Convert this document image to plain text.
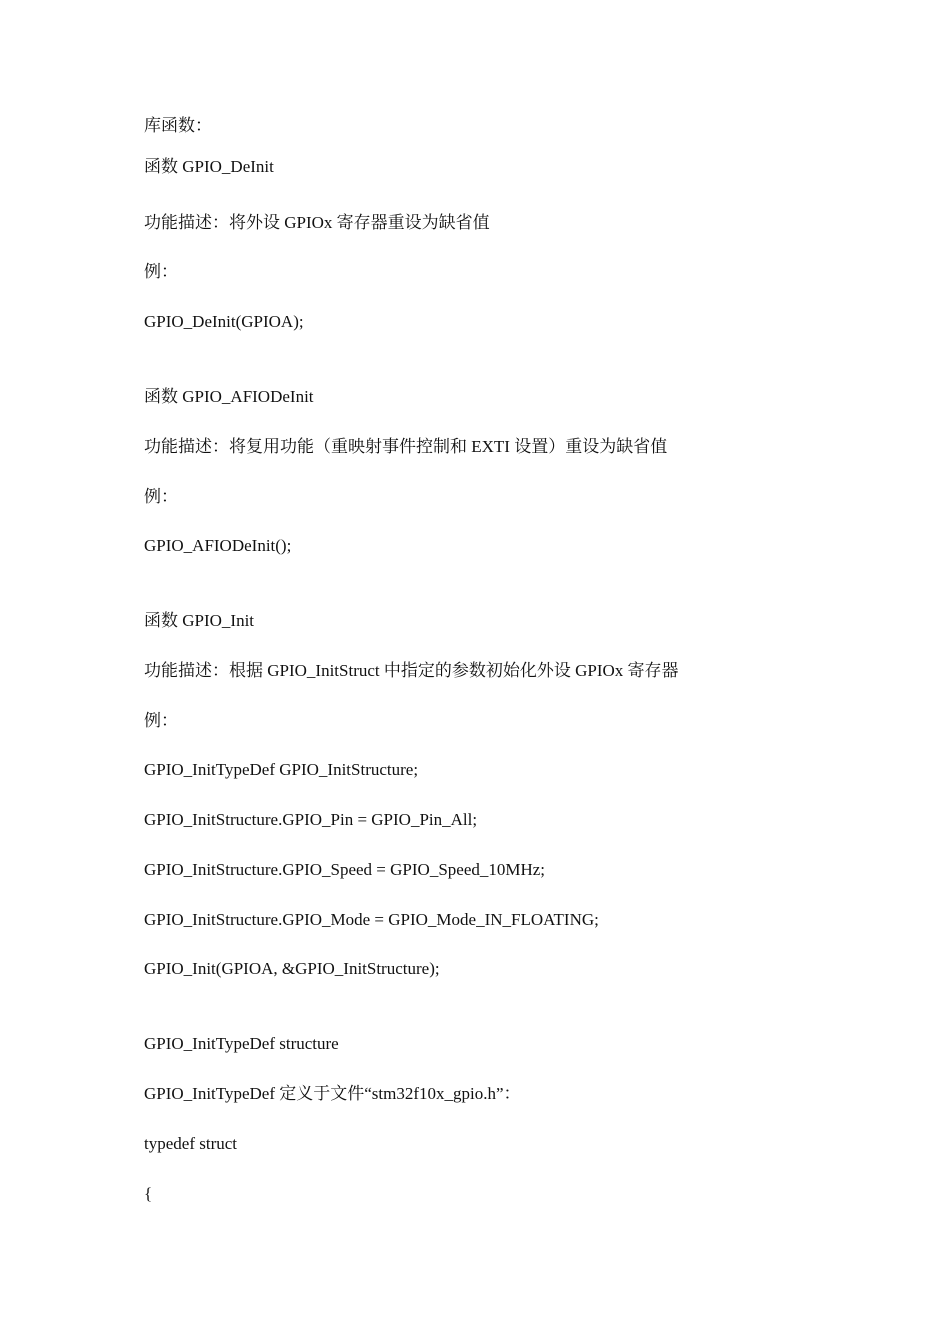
库函数：
函数 GPIO_DeInit
功能描述：将外设 GPIOx 寄存器重设为缺省值
例：
GPIO_DeInit(GPIOA);
函数 GPIO_AFIODeInit
功能描述：将复用功能（重映射事件控制和 EXTI 设置）重设为缺省值
例：
GPIO_AFIODeInit();
函数 GPIO_Init
功能描述：根据 GPIO_InitStruct 中指定的参数初始化外设 GPIOx 寄存器
例：
GPIO_InitTypeDef GPIO_InitStructure;
GPIO_InitStructure.GPIO_Pin = GPIO_Pin_All;
GPIO_InitStructure.GPIO_Speed = GPIO_Speed_10MHz;
GPIO_InitStructure.GPIO_Mode = GPIO_Mode_IN_FLOATING;
GPIO_Init(GPIOA, &GPIO_InitStructure);
GPIO_InitTypeDef structure
GPIO_InitTypeDef 定义于文件“stm32f10x_gpio.h”：
typedef struct
{
